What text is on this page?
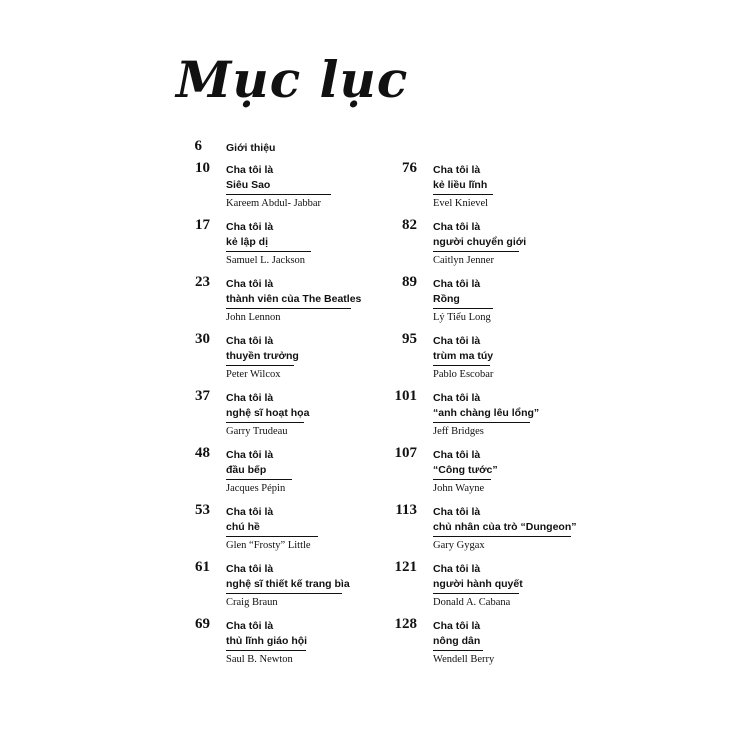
Mục lục
6 Giới thiệu
10 Cha tôi là
Siêu Sao
Kareem Abdul- Jabbar
17 Cha tôi là
kẻ lập dị
Samuel L. Jackson
23 Cha tôi là
thành viên của The Beatles
John Lennon
30 Cha tôi là
thuyền trưởng
Peter Wilcox
37 Cha tôi là
nghệ sĩ hoạt họa
Garry Trudeau
48 Cha tôi là
đầu bếp
Jacques Pépin
53 Cha tôi là
chú hề
Glen “Frosty” Little
61 Cha tôi là
nghệ sĩ thiết kế trang bìa
Craig Braun
69 Cha tôi là
thủ lĩnh giáo hội
Saul B. Newton
76 Cha tôi là
kẻ liều lĩnh
Evel Knievel
82 Cha tôi là
người chuyển giới
Caitlyn Jenner
89 Cha tôi là
Rồng
Lý Tiểu Long
95 Cha tôi là
trùm ma túy
Pablo Escobar
101 Cha tôi là
“anh chàng lêu lổng”
Jeff Bridges
107 Cha tôi là
“Công tước”
John Wayne
113 Cha tôi là
chủ nhân của trò “Dungeon”
Gary Gygax
121 Cha tôi là
người hành quyết
Donald A. Cabana
128 Cha tôi là
nông dân
Wendell Berry
